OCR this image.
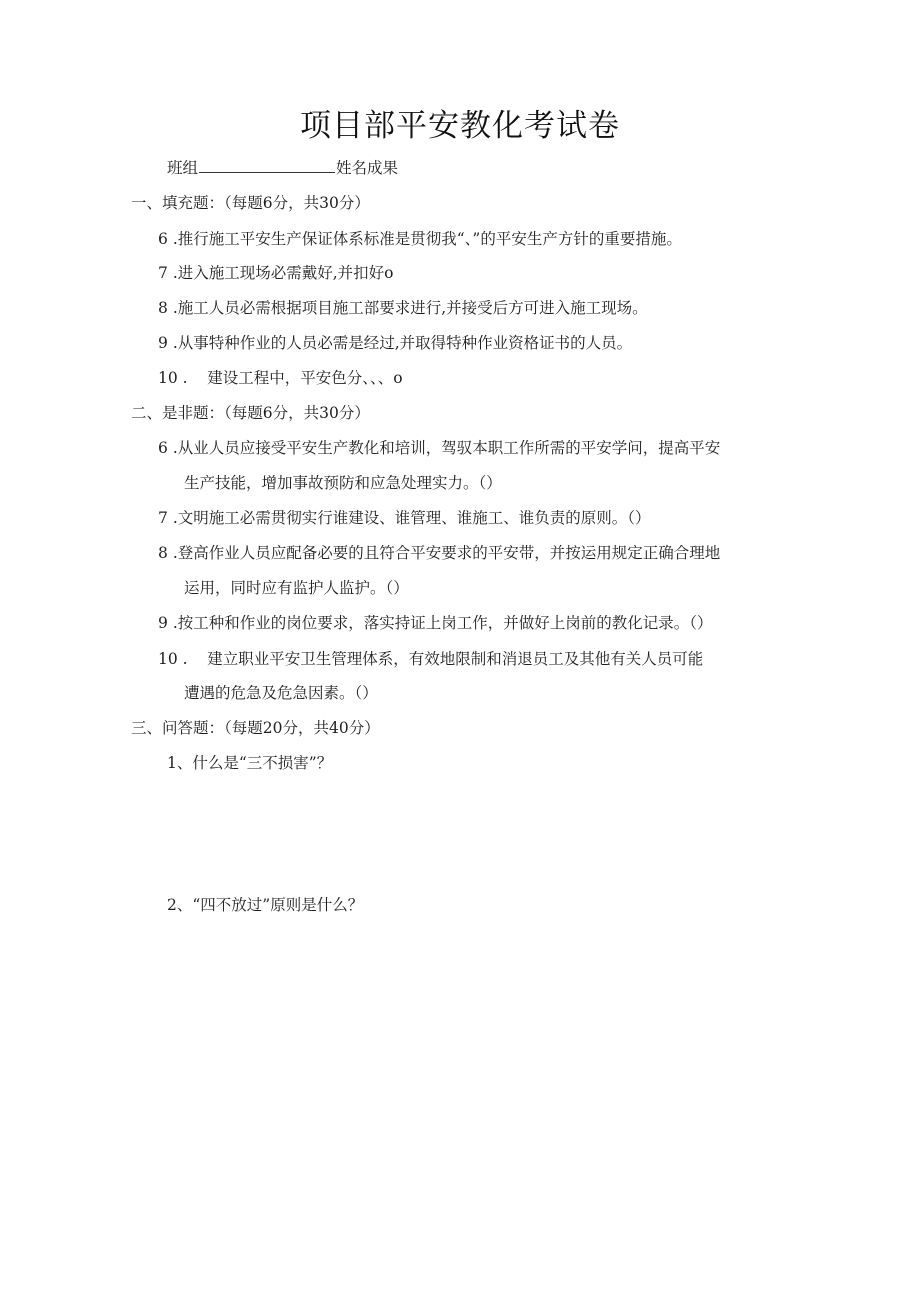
项目部平安教化考试卷
班组	姓名成果
一、填充题：（每题6分，共30分）
6 .推行施工平安生产保证体系标准是贯彻我“、”的平安生产方针的重要措施。
7 .进入施工现场必需戴好,并扣好o
8 .施工人员必需根据项目施工部要求进行,并接受后方可进入施工现场。
9 .从事特种作业的人员必需是经过,并取得特种作业资格证书的人员。
10 .    建设工程中，平安色分、、、o
二、是非题：（每题6分，共30分）
6 .从业人员应接受平安生产教化和培训，驾驭本职工作所需的平安学问，提高平安
生产技能，增加事故预防和应急处理实力。（）
7 .文明施工必需贯彻实行谁建设、谁管理、谁施工、谁负责的原则。（）
8 .登高作业人员应配备必要的且符合平安要求的平安带，并按运用规定正确合理地
运用，同时应有监护人监护。（）
9 .按工种和作业的岗位要求，落实持证上岗工作，并做好上岗前的教化记录。（）
10 .    建立职业平安卫生管理体系，有效地限制和消退员工及其他有关人员可能
遭遇的危急及危急因素。（）
三、问答题：（每题20分，共40分）
1、什么是“三不损害”？
2、“四不放过”原则是什么？
